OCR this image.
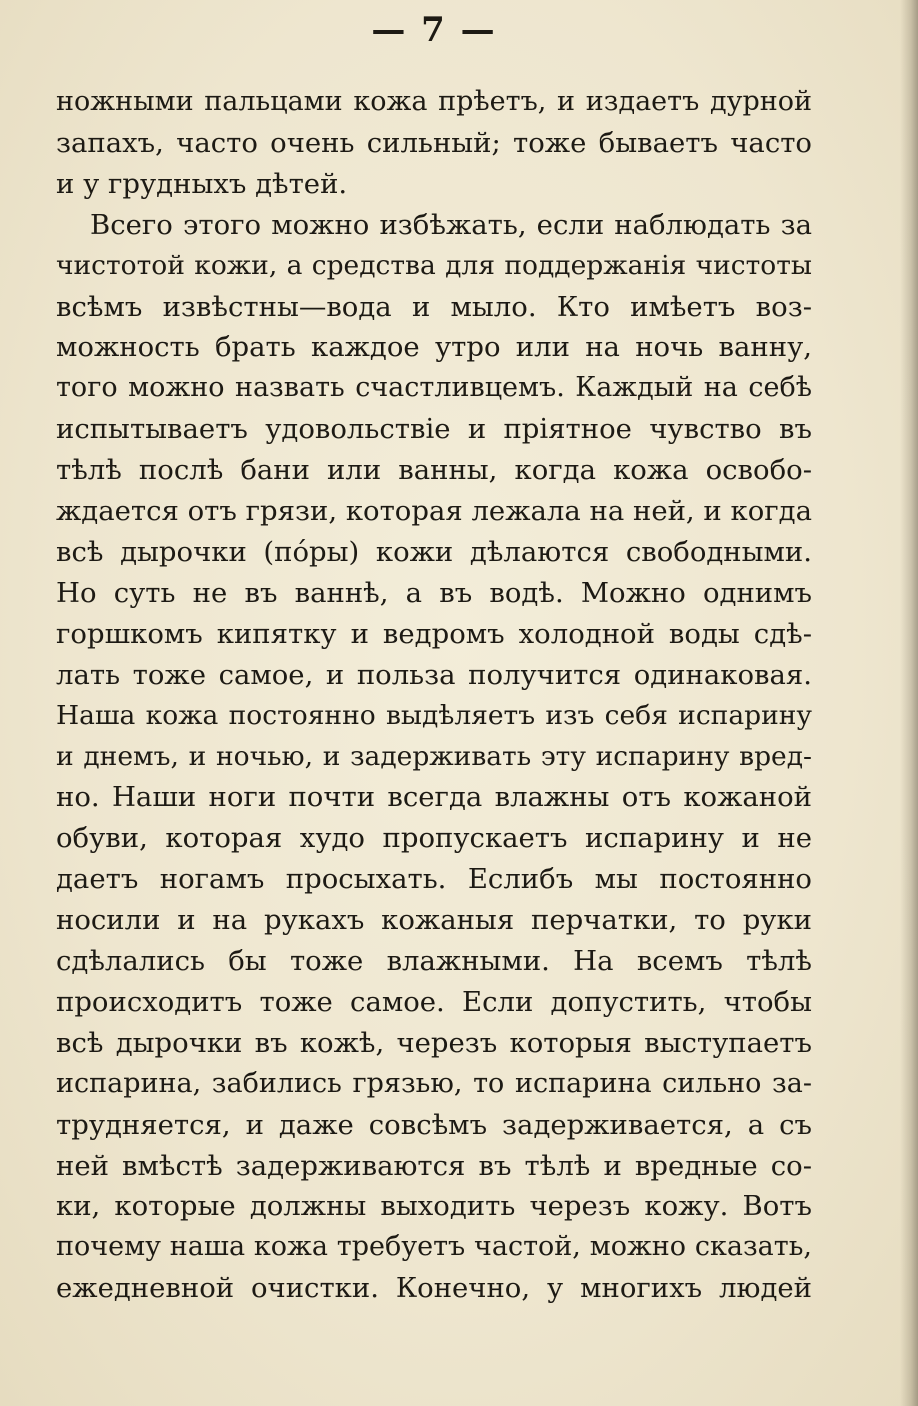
— 7 —
ножными пальцами кожа прѣетъ, и издаетъ дурной
запахъ, часто очень сильный; тоже бываетъ часто
и у грудныхъ дѣтей.
Всего этого можно избѣжать, если наблюдать за
чистотой кожи, а средства для поддержанія чистоты
всѣмъ извѣстны—вода и мыло. Кто имѣетъ воз-
можность брать каждое утро или на ночь ванну,
того можно назвать счастливцемъ. Каждый на себѣ
испытываетъ удовольствіе и пріятное чувство въ
тѣлѣ послѣ бани или ванны, когда кожа освобо-
ждается отъ грязи, которая лежала на ней, и когда
всѣ дырочки (по́ры) кожи дѣлаются свободными.
Но суть не въ ваннѣ, а въ водѣ. Можно однимъ
горшкомъ кипятку и ведромъ холодной воды сдѣ-
лать тоже самое, и польза получится одинаковая.
Наша кожа постоянно выдѣляетъ изъ себя испарину
и днемъ, и ночью, и задерживать эту испарину вред-
но. Наши ноги почти всегда влажны отъ кожаной
обуви, которая худо пропускаетъ испарину и не
даетъ ногамъ просыхать. Еслибъ мы постоянно
носили и на рукахъ кожаныя перчатки, то руки
сдѣлались бы тоже влажными. На всемъ тѣлѣ
происходитъ тоже самое. Если допустить, чтобы
всѣ дырочки въ кожѣ, черезъ которыя выступаетъ
испарина, забились грязью, то испарина сильно за-
трудняется, и даже совсѣмъ задерживается, а съ
ней вмѣстѣ задерживаются въ тѣлѣ и вредные со-
ки, которые должны выходить черезъ кожу. Вотъ
почему наша кожа требуетъ частой, можно сказать,
ежедневной очистки. Конечно, у многихъ людей
